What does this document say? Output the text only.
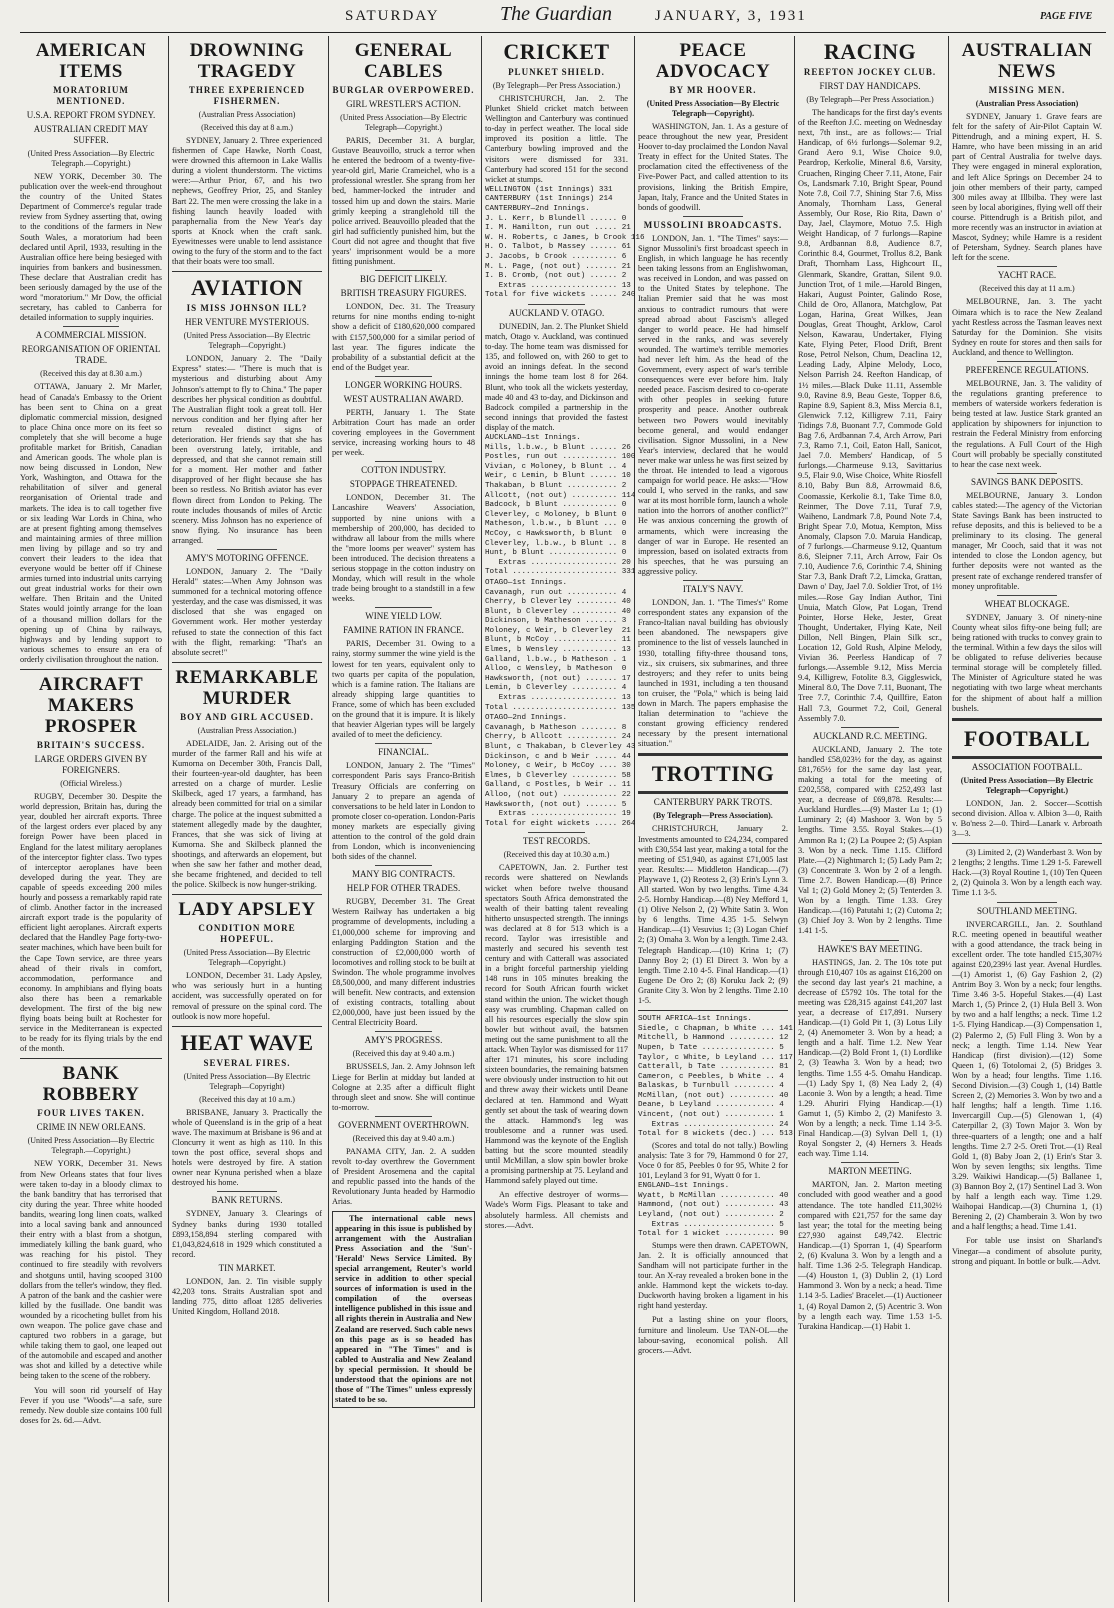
SATURDAY	The Guardian	JANUARY, 3, 1931	PAGE FIVE
AMERICAN ITEMS
MORATORIUM MENTIONED.
U.S.A. REPORT FROM SYDNEY.
AUSTRALIAN CREDIT MAY SUFFER.
(United Press Association—By Electric Telegraph.—Copyright.)

NEW YORK, December 30. The publication over the week-end throughout the country of the United States Department of Commerce's regular trade review from Sydney asserting that, owing to the conditions of the farmers in New South Wales, a moratorium had been declared until April, 1933, resulting in the Australian office here being besieged with inquiries from bankers and businessmen. These declare that Australian credit has been seriously damaged by the use of the word "moratorium." Mr Dow, the official secretary, has cabled to Canberra for detailed information to supply inquiries.

A COMMERCIAL MISSION.
REORGANISATION OF ORIENTAL TRADE.
(Received this day at 8.30 a.m.)

OTTAWA, January 2. Mr Marler, head of Canada's Embassy to the Orient has been sent to China on a great diplomatic commercial mission, designed to place China once more on its feet so completely that she will become a huge profitable market for British, Canadian and American goods. The whole plan is now being discussed in London, New York, Washington, and Ottawa for the rehabilitation of silver and general reorganisation of Oriental trade and markets. The idea is to call together five or six leading War Lords in China, who are at present fighting among themselves and maintaining armies of three million men living by pillage and so try and convert their leaders to the idea that everyone would be better off if Chinese armies turned into industrial units carrying out great industrial works for their own welfare. Then Britain and the United States would jointly arrange for the loan of a thousand million dollars for the opening up of China by railways, highways and by lending support to various schemes to ensure an era of orderly civilisation throughout the nation.

AIRCRAFT MAKERS PROSPER
BRITAIN'S SUCCESS.
LARGE ORDERS GIVEN BY FOREIGNERS.
(Official Wireless.)

RUGBY, December 30. Despite the world depression, Britain has, during the year, doubled her aircraft exports. Three of the largest orders ever placed by any foreign Power have been placed in England for the latest military aeroplanes of the interceptor fighter class. Two types of interceptor aeroplanes have been developed during the year. They are capable of speeds exceeding 200 miles hourly and possess a remarkably rapid rate of climb. Another factor in the increased aircraft export trade is the popularity of efficient light aeroplanes. Aircraft experts declared that the Handley Page forty-two-seater machines, which have been built for the Cape Town service, are three years ahead of their rivals in comfort, accommodation, performance and economy. In amphibians and flying boats also there has been a remarkable development. The first of the big new flying boats being built at Rochester for service in the Mediterranean is expected to be ready for its flying trials by the end of the month.

BANK ROBBERY
FOUR LIVES TAKEN.
CRIME IN NEW ORLEANS.
(United Press Association—By Electric Telegraph.—Copyright.)

NEW YORK, December 31. News from New Orleans states that four lives were taken to-day in a bloody climax to the bank banditry that has terrorised that city during the year. Three white hooded bandits, wearing long linen coats, walked into a local saving bank and announced their entry with a blast from a shotgun, immediately killing the bank guard, who was reaching for his pistol. They continued to fire steadily with revolvers and shotguns until, having scooped 3100 dollars from the teller's window, they fled. A patron of the bank and the cashier were killed by the fusillade. One bandit was wounded by a ricocheting bullet from his own weapon. The police gave chase and captured two robbers in a garage, but while taking them to gaol, one leaped out of the automobile and escaped and another was shot and killed by a detective while being taken to the scene of the robbery.

You will soon rid yourself of Hay Fever if you use "Woods"—a safe, sure remedy. New double size contains 100 full doses for 2s. 6d.—Advt.

DROWNING TRAGEDY
THREE EXPERIENCED FISHERMEN.
(Australian Press Association)
(Received this day at 8 a.m.)

SYDNEY, January 2. Three experienced fishermen of Cape Hawke, North Coast, were drowned this afternoon in Lake Wallis during a violent thunderstorm. The victims were:—Arthur Prior, 67, and his two nephews, Geoffrey Prior, 25, and Stanley Bart 22. The men were crossing the lake in a fishing launch heavily loaded with paraphernalia from the New Year's day sports at Knock when the craft sank. Eyewitnesses were unable to lend assistance owing to the fury of the storm and to the fact that their boats were too small.

AVIATION
IS MISS JOHNSON ILL?
HER VENTURE MYSTERIOUS.
(United Press Association—By Electric Telegraph—Copyright.)

LONDON, January 2. The "Daily Express" states:— "There is much that is mysterious and disturbing about Amy Johnson's attempt to fly to China." The paper describes her physical condition as doubtful. The Australian flight took a great toll. Her nervous condition and her flying after her return revealed distinct signs of deterioration. Her friends say that she has been overstrung lately, irritable, and depressed, and that she cannot remain still for a moment. Her mother and father disapproved of her flight because she has been so restless. No British aviator has ever flown direct from London to Peking. The route includes thousands of miles of Arctic scenery. Miss Johnson has no experience of snow flying. No insurance has been arranged.

AMY'S MOTORING OFFENCE.

LONDON, January 2. The "Daily Herald" states:—When Amy Johnson was summoned for a technical motoring offence yesterday, and the case was dismissed, it was disclosed that she was engaged on Government work. Her mother yesterday refused to state the connection of this fact with the flight, remarking: "That's an absolute secret!"

REMARKABLE MURDER
BOY AND GIRL ACCUSED.
(Australian Press Association.)

ADELAIDE, Jan. 2. Arising out of the murder of the farmer Rall and his wife at Kumorna on December 30th, Francis Dall, their fourteen-year-old daughter, has been arrested on a charge of murder. Leslie Skilbeck, aged 17 years, a farmhand, has already been committed for trial on a similar charge. The police at the inquest submitted a statement allegedly made by the daughter, Frances, that she was sick of living at Kumorna. She and Skilbeck planned the shootings, and afterwards an elopement, but when she saw her father and mother dead, she became frightened, and decided to tell the police. Skilbeck is now hunger-striking.

LADY APSLEY
CONDITION MORE HOPEFUL.
(United Press Association—By Electric Telegraph—Copyright.)

LONDON, December 31. Lady Apsley, who was seriously hurt in a hunting accident, was successfully operated on for removal of pressure on the spinal cord. The outlook is now more hopeful.

HEAT WAVE
SEVERAL FIRES.
(United Press Association—By Electric Telegraph—Copyright)
(Received this day at 10 a.m.)

BRISBANE, January 3. Practically the whole of Queensland is in the grip of a heat wave. The maximum at Brisbane is 96 and at Cloncurry it went as high as 110. In this town the post office, several shops and hotels were destroyed by fire. A station owner near Kynuna perished when a blaze destroyed his home.

BANK RETURNS.

SYDNEY, January 3. Clearings of Sydney banks during 1930 totalled £893,158,894 sterling compared with £1,043,824,618 in 1929 which constituted a record.

TIN MARKET.

LONDON, Jan. 2. Tin visible supply 42,203 tons. Straits Australian spot and landing 775, ditto afloat 1285 deliveries United Kingdom, Holland 2018.

GENERAL CABLES
BURGLAR OVERPOWERED.
GIRL WRESTLER'S ACTION.
(United Press Association—By Electric Telegraph—Copyright.)

PARIS, December 31. A burglar, Gustave Beauvoillo, struck a terror when he entered the bedroom of a twenty-five-year-old girl, Marie Crameichel, who is a professional wrestler. She sprang from her bed, hammer-locked the intruder and tossed him up and down the stairs. Marie grimly keeping a stranglehold till the police arrived. Beauvoillo pleaded that the girl had sufficiently punished him, but the Court did not agree and thought that five years' imprisonment would be a more fitting punishment.

BIG DEFICIT LIKELY.
BRITISH TREASURY FIGURES.

LONDON, Dec. 31. The Treasury returns for nine months ending to-night show a deficit of £180,620,000 compared with £157,500,000 for a similar period of last year. The figures indicate the probability of a substantial deficit at the end of the Budget year.

LONGER WORKING HOURS.
WEST AUSTRALIAN AWARD.

PERTH, January 1. The State Arbitration Court has made an order covering employees in the Government service, increasing working hours to 48 per week.

COTTON INDUSTRY.
STOPPAGE THREATENED.

LONDON, December 31. The Lancashire Weavers' Association, supported by nine unions with a membership of 200,000, has decided to withdraw all labour from the mills where the "more looms per weaver" system has been introduced. The decision threatens a serious stoppage in the cotton industry on Monday, which will result in the whole trade being brought to a standstill in a few weeks.

WINE YIELD LOW.
FAMINE RATION IN FRANCE.

PARIS, December 31. Owing to a rainy, stormy summer the wine yield is the lowest for ten years, equivalent only to two quarts per capita of the population, which is a famine ration. The Italians are already shipping large quantities to France, some of which has been excluded on the ground that it is impure. It is likely that heavier Algerian types will be largely availed of to meet the deficiency.

FINANCIAL.

LONDON, January 2. The "Times" correspondent Paris says Franco-British Treasury Officials are conferring on January 2 to prepare an agenda of conversations to be held later in London to promote closer co-operation. London-Paris money markets are especially giving attention to the control of the gold drain from London, which is inconveniencing both sides of the channel.

MANY BIG CONTRACTS.
HELP FOR OTHER TRADES.

RUGBY, December 31. The Great Western Railway has undertaken a big programme of developments, including a £1,000,000 scheme for improving and enlarging Paddington Station and the construction of £2,000,000 worth of locomotives and rolling stock to be built at Swindon. The whole programme involves £8,500,000, and many different industries will benefit. New contracts, and extension of existing contracts, totalling about £2,000,000, have just been issued by the Central Electricity Board.

AMY'S PROGRESS.
(Received this day at 9.40 a.m.)

BRUSSELS, Jan. 2. Amy Johnson left Liege for Berlin at midday but landed at Cologne at 2.35 after a difficult flight through sleet and snow. She will continue to-morrow.

GOVERNMENT OVERTHROWN.
(Received this day at 9.40 a.m.)

PANAMA CITY, Jan. 2. A sudden revolt to-day overthrew the Government of President Arosemena and the capital and republic passed into the hands of the Revolutionary Junta headed by Harmodio Arias.

The international cable news appearing in this issue is published by arrangement with the Australian Press Association and the 'Sun'-'Herald' News Service Limited. By special arrangement, Reuter's world service in addition to other special sources of information is used in the compilation of the overseas intelligence published in this issue and all rights therein in Australia and New Zealand are reserved. Such cable news on this page as is so headed has appeared in "The Times" and is cabled to Australia and New Zealand by special permission. It should be understood that the opinions are not those of "The Times" unless expressly stated to be so.

CRICKET
PLUNKET SHIELD.
(By Telegraph—Per Press Association.)

CHRISTCHURCH, Jan. 2. The Plunket Shield cricket match between Wellington and Canterbury was continued to-day in perfect weather. The local side improved its position a little. The Canterbury bowling improved and the visitors were dismissed for 331. Canterbury had scored 151 for the second wicket at stumps.

WELLINGTON (1st Innings) 331
CANTERBURY (1st Innings) 214
CANTERBURY—2nd Innings.
J. L. Kerr, b Blundell ...... 0
I. M. Hamilton, run out ..... 21
W. H. Roberts, c James, b Crook 116
H. O. Talbot, b Massey ...... 61
J. Jacobs, b Crook .......... 6
M. L. Page, (not out) ....... 21
I. B. Cromb, (not out) ...... 2
Extras ................... 13
Total for five wickets ...... 240
AUCKLAND V. OTAGO.

DUNEDIN, Jan. 2. The Plunket Shield match, Otago v. Auckland, was continued to-day. The home team was dismissed for 135, and followed on, with 260 to get to avoid an innings defeat. In the second innings the home team lost 8 for 264. Blunt, who took all the wickets yesterday, made 40 and 43 to-day, and Dickinson and Badcock compiled a partnership in the second innings that provided the fastest display of the match.

AUCKLAND—1st Innings.
Mills, l.b.w., b Blunt ...... 26
Postles, run out ............ 100
Vivian, c Moloney, b Blunt .. 4
Weir, c Lemin, b Blunt ...... 10
Thakaban, b Blunt ........... 2
Allcott, (not out) .......... 114
Badcock, b Blunt ............ 0
Cleverley, c Moloney, b Blunt 0
Matheson, l.b.w., b Blunt ... 0
McCoy, c Hawksworth, b Blunt  0
Cleverley, l.b.w., b Blunt .. 8
Hunt, b Blunt ............... 0
Extras ................... 20
Total ....................... 331
OTAGO—1st Innings.
Cavanagh, run out ........... 4
Cherry, b Cleverley ......... 40
Blunt, b Cleverley .......... 40
Dickinson, b Matheson ....... 3
Moloney, c Weir, b Cleverley  21
Blunt, b McCoy .............. 11
Elmes, b Wensley ............ 13
Galland, l.b.w., b Matheson . 1
Alloo, c Wensley, b Matheson  0
Hawksworth, (not out) ....... 17
Lemin, b Cleverley .......... 4
Extras ................... 13
Total ....................... 135
OTAGO—2nd Innings.
Cavanagh, b Matheson ........ 8
Cherry, b Allcott ........... 24
Blunt, c Thakaban, b Cleverley 43
Dickinson, c and b Weir ..... 44
Moloney, c Weir, b McCoy .... 30
Elmes, b Cleverley .......... 58
Galland, c Postles, b Weir .. 11
Alloo, (not out) ............ 22
Hawksworth, (not out) ....... 5
Extras ................... 19
Total for eight wickets ..... 264
TEST RECORDS.
(Received this day at 10.30 a.m.)

CAPETOWN, Jan. 2. Further test records were shattered on Newlands wicket when before twelve thousand spectators South Africa demonstrated the wealth of their batting talent revealing hitherto unsuspected strength. The innings was declared at 8 for 513 which is a record. Taylor was irresistible and masterly and secured his seventh test century and with Catterall was associated in a bright forceful partnership yielding 148 runs in 105 minutes breaking the record for South African fourth wicket stand within the union. The wicket though easy was crumbling. Chapman called on all his resources especially the slow spin bowler but without avail, the batsmen meting out the same punishment to all the attack. When Taylor was dismissed for 117 after 171 minutes, his score including sixteen boundaries, the remaining batsmen were obviously under instruction to hit out and threw away their wickets until Deane declared at ten. Hammond and Wyatt gently set about the task of wearing down the attack. Hammond's leg was troublesome and a runner was used. Hammond was the keynote of the English batting but the score mounted steadily until McMillan, a slow spin bowler broke a promising partnership at 75. Leyland and Hammond safely played out time.

An effective destroyer of worms—Wade's Worm Figs. Pleasant to take and absolutely harmless. All chemists and stores.—Advt.

PEACE ADVOCACY
BY MR HOOVER.
(United Press Association—By Electric Telegraph—Copyright).

WASHINGTON, Jan. 1. As a gesture of peace throughout the new year, President Hoover to-day proclaimed the London Naval Treaty in effect for the United States. The proclamation cited the effectiveness of the Five-Power Pact, and called attention to its provisions, linking the British Empire, Japan, Italy, France and the United States in bonds of goodwill.

MUSSOLINI BROADCASTS.

LONDON, Jan. 1. "The Times" says:—Signor Mussolini's first broadcast speech in English, in which language he has recently been taking lessons from an Englishwoman, was received in London, and was passed on to the United States by telephone. The Italian Premier said that he was most anxious to contradict rumours that were spread abroad about Fascism's alleged danger to world peace. He had himself served in the ranks, and was severely wounded. The wartime's terrible memories had never left him. As the head of the Government, every aspect of war's terrible consequences were ever before him. Italy needed peace. Fascism desired to co-operate with other peoples in seeking future prosperity and peace. Another outbreak between two Powers would inevitably become general, and would endanger civilisation. Signor Mussolini, in a New Year's interview, declared that he would never make war unless he was first seized by the throat. He intended to lead a vigorous campaign for world peace. He asks:—"How could I, who served in the ranks, and saw war at its most horrible form, launch a whole nation into the horrors of another conflict?" He was anxious concerning the growth of armaments, which were increasing the danger of war in Europe. He resented an impression, based on isolated extracts from his speeches, that he was pursuing an aggressive policy.

ITALY'S NAVY.

LONDON, Jan. 1. "The Times's" Rome correspondent states any expansion of the Franco-Italian naval building has obviously been abandoned. The newspapers give prominence to the list of vessels launched in 1930, totalling fifty-three thousand tons, viz., six cruisers, six submarines, and three destroyers; and they refer to units being launched in 1931, including a ten thousand ton cruiser, the "Pola," which is being laid down in March. The papers emphasise the Italian determination to "achieve the constant growing efficiency rendered necessary by the present international situation."

TROTTING
CANTERBURY PARK TROTS.
(By Telegraph—Press Association).

CHRISTCHURCH, January 2. Investments amounted to £24,234, compared with £30,554 last year, making a total for the meeting of £51,940, as against £71,005 last year. Results:— Middleton Handicap.—(7) Playwave 1, (2) Reotess 2, (3) Erin's Lynn 3. All started. Won by two lengths. Time 4.34 2-5. Hornby Handicap.—(8) Ney Mefford 1, (1) Olive Nelson 2, (2) White Satin 3. Won by 6 lengths. Time 4.35 1-5. Selwyn Handicap.—(1) Vesuvius 1; (3) Logan Chief 2; (3) Omaha 3. Won by a length. Time 2.43. Telegraph Handicap.—(10) Krina 1; (7) Danny Boy 2; (1) El Direct 3. Won by a length. Time 2.10 4-5. Final Handicap.—(1) Eugene De Oro 2; (8) Koruku Jack 2; (9) Granite City 3. Won by 2 lengths. Time 2.10 1-5.

SOUTH AFRICA—1st Innings.
Siedle, c Chapman, b White ... 141
Mitchell, b Hammond .......... 12
Nupen, b Tate ................ 5
Taylor, c White, b Leyland ... 117
Catterall, b Tate ............ 81
Cameron, c Peebles, b White .. 4
Balaskas, b Turnbull ......... 4
McMillan, (not out) .......... 40
Deane, b Leyland ............. 4
Vincent, (not out) ........... 1
Extras .................... 24
Total for 8 wickets (dec.) ... 513

(Scores and total do not tally.) Bowling analysis: Tate 3 for 79, Hammond 0 for 27, Voce 0 for 85, Peebles 0 for 95, White 2 for 101, Leyland 3 for 91, Wyatt 0 for 1.

ENGLAND—1st Innings.
Wyatt, b McMillan ............ 40
Hammond, (not out) ........... 43
Leyland, (not out) ........... 2
Extras .................... 5
Total for 1 wicket ........... 90

Stumps were then drawn. CAPETOWN, Jan. 2. It is officially announced that Sandham will not participate further in the tour. An X-ray revealed a broken bone in the ankle. Hammond kept the wickets to-day. Duckworth having broken a ligament in his right hand yesterday.

Put a lasting shine on your floors, furniture and linoleum. Use TAN-OL—the labour-saving, economical polish. All grocers.—Advt.

RACING
REEFTON JOCKEY CLUB.
FIRST DAY HANDICAPS.
(By Telegraph—Per Press Association.)

The handicaps for the first day's events of the Reefton J.C. meeting on Wednesday next, 7th inst., are as follows:— Trial Handicap, of 6½ furlongs—Solemar 9.2, Grand Aero 9.1, Wise Choice 9.0, Peardrop, Kerkolie, Mineral 8.6, Varsity, Cruachen, Ringing Cheer 7.11, Atone, Fair Os, Landsmark 7.10, Bright Spear, Pound Note 7.8, Coil 7.7, Shining Star 7.6, Miss Anomaly, Thornham Lass, General Assembly, Our Rose, Rio Rita, Dawn o' Day, Jael, Claymore, Motuo 7.5. High Weight Handicap, of 7 furlongs—Rapine 9.8, Ardbannan 8.8, Audience 8.7, Corinthic 8.4, Gourmet, Trollus 8.2, Bank Draft, Thornham Lass, Highcourt II., Glenmark, Skandre, Grattan, Silent 9.0. Junction Trot, of 1 mile.—Harold Bingen, Hakari, August Pointer, Galindo Rose, Child de Oro, Allanora, Matchglow, Pat Logan, Harina, Great Wilkes, Jean Douglas, Great Thought, Arklow, Carol Nelson, Kawarau, Undertaker, Flying Kate, Flying Peter, Flood Drift, Brent Rose, Petrol Nelson, Chum, Deaclina 12, Leading Lady, Alpine Melody, Loco, Nelson Parrish 24. Reefton Handicap, of 1½ miles.—Black Duke 11.11, Assemble 9.0, Ravine 8.9, Beau Geste, Topper 8.6, Rapine 8.9, Sapient 8.3, Miss Mercia 8.1, Glenwick 7.12, Killigrew 7.11, Fairy Tidings 7.8, Buonant 7.7, Commode Gold Bag 7.6, Ardbannan 7.4, Arch Arrow, Pari 7.3, Ramo 7.1, Coil, Eaton Hall, Sanicot, Jael 7.0. Members' Handicap, of 5 furlongs.—Charmeuse 9.13, Savittarius 9.5, Flair 9.0, Wise Choice, White Riosfell 8.10, Baby Bun 8.8, Arrowmaid 8.6, Coomassie, Kerkolie 8.1, Take Time 8.0, Reinmer, The Dove 7.11, Turaf 7.9, Waiheno, Landmark 7.8, Pound Note 7.4, Bright Spear 7.0, Motua, Kempton, Miss Anomaly, Clapson 7.0. Maruia Handicap, of 7 furlongs.—Charmeuse 9.12, Quantum 8.6, Sleipner 7.11, Arch Arrow, Fair Os 7.10, Audience 7.6, Corinthic 7.4, Shining Star 7.3, Bank Draft 7.2, Limcka, Grattan, Dawn o' Day, Jael 7.0. Soldier Trot, of 1½ miles.—Rose Gay Indian Author, Tini Unuia, Match Glow, Pat Logan, Trend Pointer, Horse Heke, Jester, Great Thought, Undertaker, Flying Kate, Neil Dillon, Nell Bingen, Plain Silk scr., Location 12, Gold Rush, Alpine Melody, Vivian 36. Peerless Handicap of 7 furlongs.—Assemble 9.12, Miss Mercia 9.4, Killigrew, Fotolite 8.3, Giggleswick, Mineral 8.0, The Dove 7.11, Buonant, The Tree 7.7, Corinthic 7.4, Quillfire, Eaton Hall 7.3, Gourmet 7.2, Coil, General Assembly 7.0.

AUCKLAND R.C. MEETING.

AUCKLAND, January 2. The tote handled £58,023½ for the day, as against £81,765½ for the same day last year, making a total for the meeting of £202,558, compared with £252,493 last year, a decrease of £69,878. Results:— Auckland Hurdles.—(9) Master Lu 1; (1) Luminary 2; (4) Mashoor 3. Won by 5 lengths. Time 3.55. Royal Stakes.—(1) Ammon Ra 1; (2) La Poupee 2; (5) Aspian 3. Won by a neck. Time 1.15. Clifford Plate.—(2) Nightmarch 1; (5) Lady Pam 2; (3) Concentrate 3. Won by 2 of a length. Time 2.7. Bowen Handicap.—(8) Prince Val 1; (2) Gold Money 2; (5) Tenterden 3. Won by a length. Time 1.33. Grey Handicap.—(16) Patutahi 1; (2) Cutoma 2; (3) Chief Joy 3. Won by 2 lengths. Time 1.41 1-5.

HAWKE'S BAY MEETING.

HASTINGS, Jan. 2. The 10s tote put through £10,407 10s as against £16,200 on the second day last year's 21 machine, a decrease of £5792 10s. The total for the meeting was £28,315 against £41,207 last year, a decrease of £17,891. Nursery Handicap.—(1) Gold Pit 1, (3) Lotus Lily 2, (4) Anemometer 3. Won by a head; a length and a half. Time 1.2. New Year Handicap.—(2) Bold Front 1, (1) Lordlike 2, (3) Teawha 3. Won by a head; two lengths. Time 1.55 4-5. Omahu Handicap.—(1) Lady Spy 1, (8) Nea Lady 2, (4) Laconie 3. Won by a length; a head. Time 1.29. Ahuriri Flying Handicap.—(1) Gamut 1, (5) Kimbo 2, (2) Manifesto 3. Won by a length; a neck. Time 1.14 3-5. Final Handicap.—(3) Sylvan Dell 1, (1) Royal Songster 2, (4) Herners 3. Heads each way. Time 1.14.

MARTON MEETING.

MARTON, Jan. 2. Marton meeting concluded with good weather and a good attendance. The tote handled £11,302½ compared with £21,757 for the same day last year; the total for the meeting being £27,930 against £49,742. Electric Handicap.—(1) Sporran 1, (4) Spearform 2, (6) Kvaluna 3. Won by a length and a half. Time 1.36 2-5. Telegraph Handicap.—(4) Houston 1, (3) Dublin 2, (1) Lord Hammond 3. Won by a neck; a head. Time 1.14 3-5. Ladies' Bracelet.—(1) Auctioneer 1, (4) Royal Damon 2, (5) Acentric 3. Won by a length each way. Time 1.53 1-5. Turakina Handicap.—(1) Habit 1.

AUSTRALIAN NEWS
MISSING MEN.
(Australian Press Association)

SYDNEY, January 1. Grave fears are felt for the safety of Air-Pilot Captain W. Pittendrugh, and a mining expert, H. S. Hamre, who have been missing in an arid part of Central Australia for twelve days. They were engaged in mineral exploration, and left Alice Springs on December 24 to join other members of their party, camped 300 miles away at Illbilba. They were last seen by local aborigines, flying well off their course. Pittendrugh is a British pilot, and more recently was an instructor in aviation at Mascot, Sydney; while Hamre is a resident of Petersham, Sydney. Search planes have left for the scene.

YACHT RACE.
(Received this day at 11 a.m.)

MELBOURNE, Jan. 3. The yacht Oimara which is to race the New Zealand yacht Restless across the Tasman leaves next Saturday for the Dominion. She visits Sydney en route for stores and then sails for Auckland, and thence to Wellington.

PREFERENCE REGULATIONS.

MELBOURNE, Jan. 3. The validity of the regulations granting preference to members of waterside workers federation is being tested at law. Justice Stark granted an application by shipowners for injunction to restrain the Federal Ministry from enforcing the regulations. A Full Court of the High Court will probably be specially constituted to hear the case next week.

SAVINGS BANK DEPOSITS.

MELBOURNE, January 3. London cables stated:—The agency of the Victorian State Savings Bank has been instructed to refuse deposits, and this is believed to be a preliminary to its closing. The general manager, Mr Cooch, said that it was not intended to close the London agency, but further deposits were not wanted as the present rate of exchange rendered transfer of money unprofitable.

WHEAT BLOCKAGE.

SYDNEY, January 3. Of ninety-nine County wheat silos fifty-one being full; are being rationed with trucks to convey grain to the terminal. Within a few days the silos will be obligated to refuse deliveries because terminal storage will be completely filled. The Minister of Agriculture stated he was negotiating with two large wheat merchants for the shipment of about half a million bushels.

FOOTBALL
ASSOCIATION FOOTBALL.
(United Press Association—By Electric Telegraph—Copyright.)

LONDON, Jan. 2. Soccer—Scottish second division. Alloa v. Albion 3—0, Raith v. Bo'ness 2—0. Third—Lanark v. Arbroath 3—3.

(3) Limited 2, (2) Wanderbast 3. Won by 2 lengths; 2 lengths. Time 1.29 1-5. Farewell Hack.—(3) Royal Routine 1, (10) Ten Queen 2, (2) Quinola 3. Won by a length each way. Time 1.1 3-5.

SOUTHLAND MEETING.

INVERCARGILL, Jan. 2. Southland R.C. meeting opened in beautiful weather with a good attendance, the track being in excellent order. The tote handled £15,307½ against £20,239½ last year. Avenal Hurdles.—(1) Amorist 1, (6) Gay Fashion 2, (2) Antrim Boy 3. Won by a neck; four lengths. Time 3.46 3-5. Hopeful Stakes.—(4) Last March 1, (5) Prince 2, (1) Hula Bell 3. Won by two and a half lengths; a neck. Time 1.2 1-5. Flying Handicap.—(3) Compensation 1, (2) Palermo 2, (5) Full Fling 3. Won by a neck; a length. Time 1.14. New Year Handicap (first division).—(12) Some Queen 1, (6) Totolomai 2, (5) Bridges 3. Won by a head; four lengths. Time 1.16. Second Division.—(3) Cough 1, (14) Battle Screen 2, (2) Memories 3. Won by two and a half lengths; half a length. Time 1.16. Invercargill Cup.—(5) Glenowan 1, (4) Caterpillar 2, (3) Town Major 3. Won by three-quarters of a length; one and a half lengths. Time 2.7 2-5. Oreti Trot.—(1) Real Gold 1, (8) Baby Joan 2, (1) Erin's Star 3. Won by seven lengths; six lengths. Time 3.29. Waikiwi Handicap.—(5) Ballanee 1, (3) Bannon Boy 2, (17) Sentinel Lad 3. Won by half a length each way. Time 1.29. Waihopai Handicap.—(3) Churnina 1, (1) Berening 2, (2) Chamberain 3. Won by two and a half lengths; a head. Time 1.41.

For table use insist on Sharland's Vinegar—a condiment of absolute purity, strong and piquant. In bottle or bulk.—Advt.
